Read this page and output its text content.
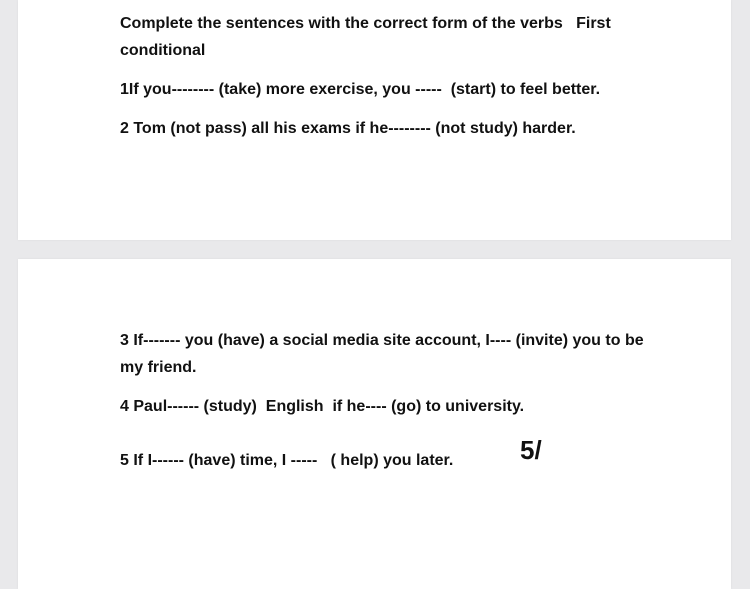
Complete the sentences with the correct form of the verbs   First
conditional
1If you-------- (take) more exercise, you -----  (start) to feel better.
2 Tom (not pass) all his exams if he-------- (not study) harder.
3 If------- you (have) a social media site account, I---- (invite) you to be
my friend.
4 Paul------ (study)  English  if he---- (go) to university.
5 If I------ (have) time, I -----   ( help) you later.	5/
